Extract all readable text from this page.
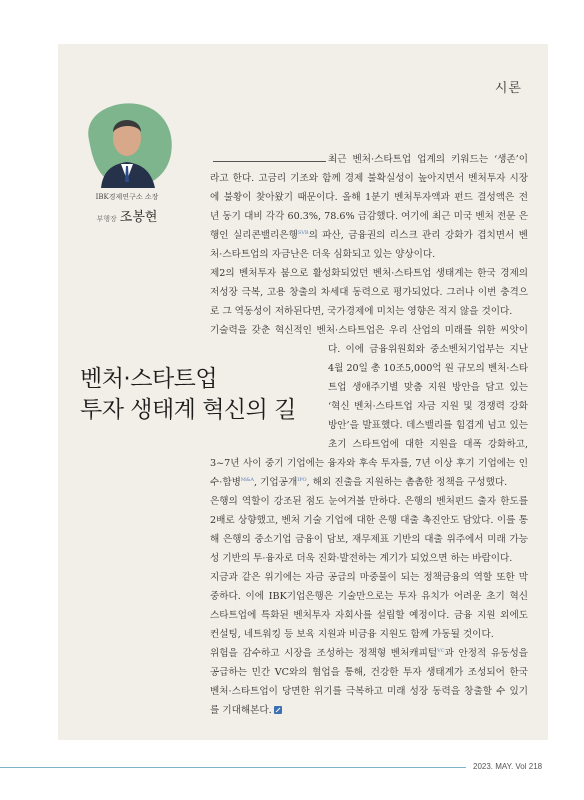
시론
IBK경제연구소 소장
부행장 조봉현
벤처·스타트업
투자 생태계 혁신의 길

최근 벤처·스타트업 업계의 키워드는 ‘생존’이

라고 한다. 고금리 기조와 함께 경제 불확실성이 높아지면서 벤처투자 시장

에 불황이 찾아왔기 때문이다. 올해 1분기 벤처투자액과 펀드 결성액은 전

년 동기 대비 각각 60.3%, 78.6% 급감했다. 여기에 최근 미국 벤처 전문 은

행인 실리콘밸리은행$^{SVB}$의 파산, 금융권의 리스크 관리 강화가 겹치면서 벤

처·스타트업의 자금난은 더욱 심화되고 있는 양상이다.

제2의 벤처투자 붐으로 활성화되었던 벤처·스타트업 생태계는 한국 경제의

저성장 극복, 고용 창출의 차세대 동력으로 평가되었다. 그러나 이번 충격으

로 그 역동성이 저하된다면, 국가경제에 미치는 영향은 적지 않을 것이다.

기술력을 갖춘 혁신적인 벤처·스타트업은 우리 산업의 미래를 위한 씨앗이

다. 이에 금융위원회와 중소벤처기업부는 지난

4월 20일 총 10조5,000억 원 규모의 벤처·스타

트업 생애주기별 맞춤 지원 방안을 담고 있는

‘혁신 벤처·스타트업 자금 지원 및 경쟁력 강화

방안’을 발표했다. 데스밸리를 힘겹게 넘고 있는

초기 스타트업에 대한 지원을 대폭 강화하고,

3~7년 사이 중기 기업에는 융자와 후속 투자를, 7년 이상 후기 기업에는 인

수·합병$^{M\&A}$, 기업공개$^{IPO}$, 해외 진출을 지원하는 촘촘한 정책을 구성했다.

은행의 역할이 강조된 점도 눈여겨볼 만하다. 은행의 벤처펀드 출자 한도를

2배로 상향했고, 벤처 기술 기업에 대한 은행 대출 촉진안도 담았다. 이를 통

해 은행의 중소기업 금융이 담보, 재무제표 기반의 대출 위주에서 미래 가능

성 기반의 투·융자로 더욱 진화·발전하는 계기가 되었으면 하는 바람이다.

지금과 같은 위기에는 자금 공급의 마중물이 되는 정책금융의 역할 또한 막

중하다. 이에 IBK기업은행은 기술만으로는 투자 유치가 어려운 초기 혁신

스타트업에 특화된 벤처투자 자회사를 설립할 예정이다. 금융 지원 외에도

컨설팅, 네트워킹 등 보육 지원과 비금융 지원도 함께 가동될 것이다.

위험을 감수하고 시장을 조성하는 정책형 벤처캐피털$^{VC}$과 안정적 유동성을

공급하는 민간 VC와의 협업을 통해, 건강한 투자 생태계가 조성되어 한국

벤처·스타트업이 당면한 위기를 극복하고 미래 성장 동력을 창출할 수 있기

를 기대해본다.

2023. MAY. Vol 218
